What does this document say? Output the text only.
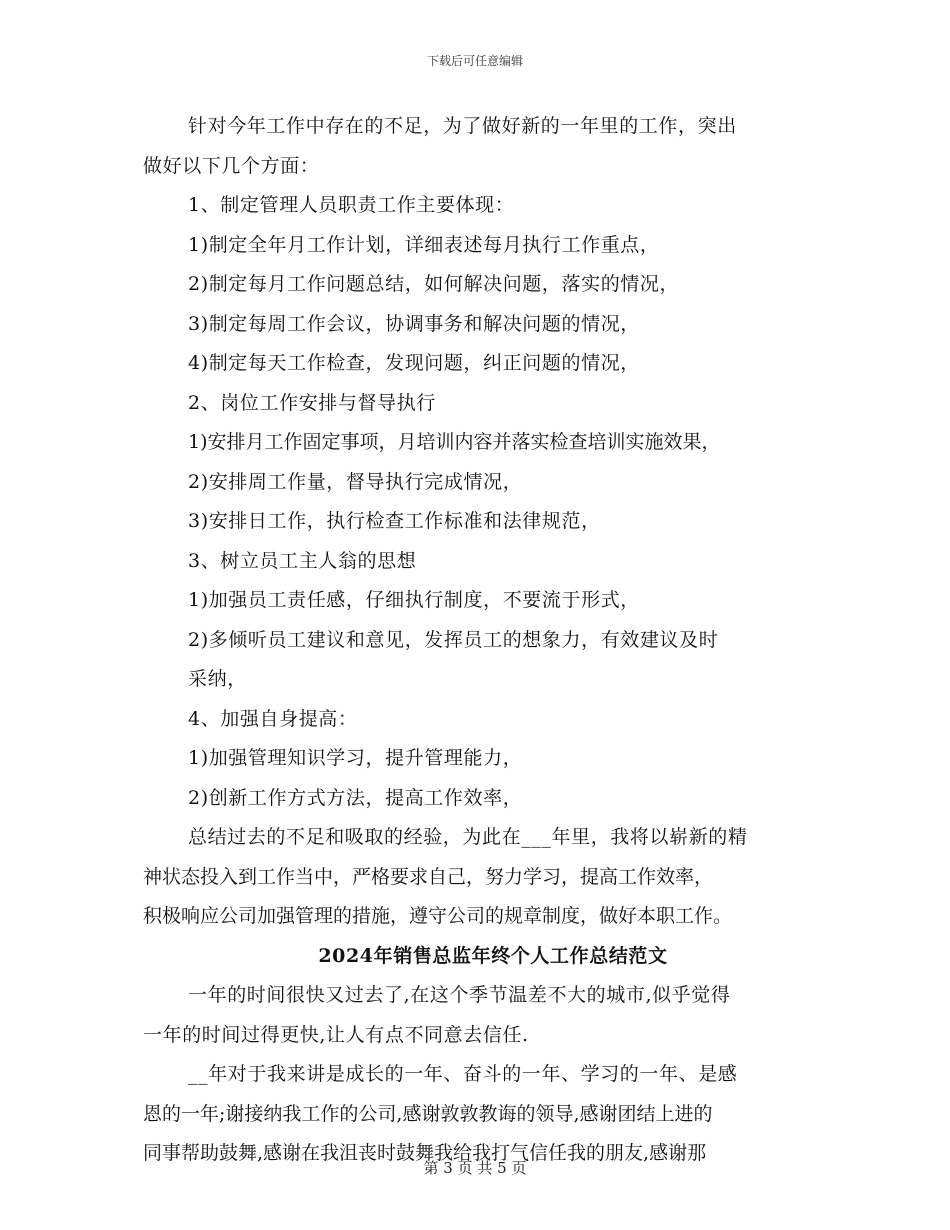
下载后可任意编辑
针对今年工作中存在的不足，为了做好新的一年里的工作，突出
做好以下几个方面：
1、制定管理人员职责工作主要体现：
1)制定全年月工作计划，详细表述每月执行工作重点，
2)制定每月工作问题总结，如何解决问题，落实的情况，
3)制定每周工作会议，协调事务和解决问题的情况，
4)制定每天工作检查，发现问题，纠正问题的情况，
2、岗位工作安排与督导执行
1)安排月工作固定事项，月培训内容并落实检查培训实施效果，
2)安排周工作量，督导执行完成情况，
3)安排日工作，执行检查工作标准和法律规范，
3、树立员工主人翁的思想
1)加强员工责任感，仔细执行制度，不要流于形式，
2)多倾听员工建议和意见，发挥员工的想象力，有效建议及时
采纳，
4、加强自身提高：
1)加强管理知识学习，提升管理能力，
2)创新工作方式方法，提高工作效率，
总结过去的不足和吸取的经验，为此在___年里，我将以崭新的精
神状态投入到工作当中，严格要求自己，努力学习，提高工作效率，
积极响应公司加强管理的措施，遵守公司的规章制度，做好本职工作。
2024年销售总监年终个人工作总结范文
一年的时间很快又过去了,在这个季节温差不大的城市,似乎觉得
一年的时间过得更快,让人有点不同意去信任.
__年对于我来讲是成长的一年、奋斗的一年、学习的一年、是感
恩的一年;谢接纳我工作的公司,感谢敦敦教诲的领导,感谢团结上进的
同事帮助鼓舞,感谢在我沮丧时鼓舞我给我打气信任我的朋友,感谢那
第 3 页 共 5 页
